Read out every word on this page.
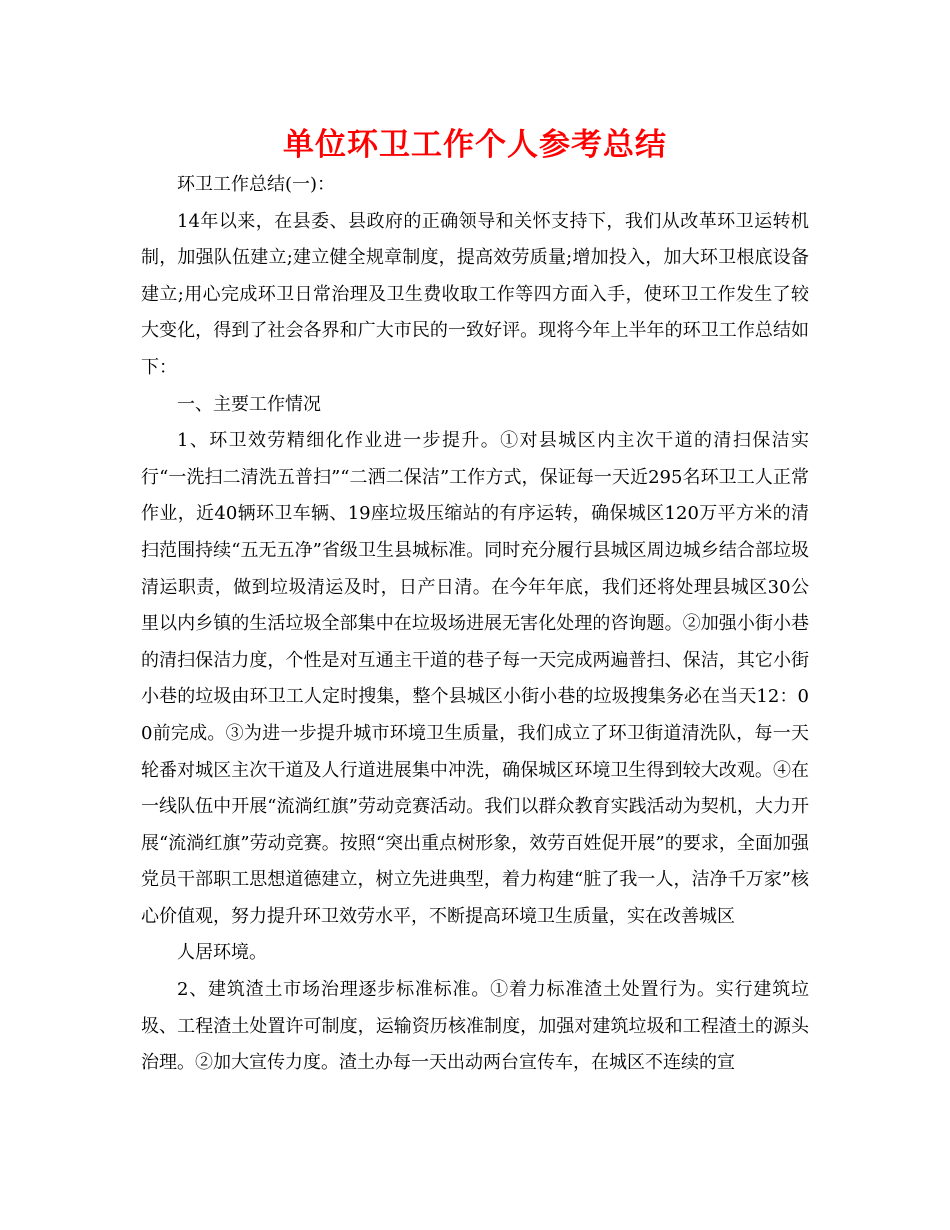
单位环卫工作个人参考总结

环卫工作总结(一)：

14年以来，在县委、县政府的正确领导和关怀支持下，我们从改革环卫运转机制，加强队伍建立;建立健全规章制度，提高效劳质量;增加投入，加大环卫根底设备建立;用心完成环卫日常治理及卫生费收取工作等四方面入手，使环卫工作发生了较大变化，得到了社会各界和广大市民的一致好评。现将今年上半年的环卫工作总结如下：

一、主要工作情况

1、环卫效劳精细化作业进一步提升。①对县城区内主次干道的清扫保洁实行“一洗扫二清洗五普扫”“二洒二保洁”工作方式，保证每一天近295名环卫工人正常作业，近40辆环卫车辆、19座垃圾压缩站的有序运转，确保城区120万平方米的清扫范围持续“五无五净”省级卫生县城标准。同时充分履行县城区周边城乡结合部垃圾清运职责，做到垃圾清运及时，日产日清。在今年年底，我们还将处理县城区30公里以内乡镇的生活垃圾全部集中在垃圾场进展无害化处理的咨询题。②加强小街小巷的清扫保洁力度，个性是对互通主干道的巷子每一天完成两遍普扫、保洁，其它小街小巷的垃圾由环卫工人定时搜集，整个县城区小街小巷的垃圾搜集务必在当天12：00前完成。③为进一步提升城市环境卫生质量，我们成立了环卫街道清洗队，每一天轮番对城区主次干道及人行道进展集中冲洗，确保城区环境卫生得到较大改观。④在一线队伍中开展“流淌红旗”劳动竞赛活动。我们以群众教育实践活动为契机，大力开展“流淌红旗”劳动竞赛。按照“突出重点树形象，效劳百姓促开展”的要求，全面加强党员干部职工思想道德建立，树立先进典型，着力构建“脏了我一人，洁净千万家”核心价值观，努力提升环卫效劳水平，不断提高环境卫生质量，实在改善城区

人居环境。

2、建筑渣土市场治理逐步标准标准。①着力标准渣土处置行为。实行建筑垃圾、工程渣土处置许可制度，运输资历核准制度，加强对建筑垃圾和工程渣土的源头治理。②加大宣传力度。渣土办每一天出动两台宣传车，在城区不连续的宣
